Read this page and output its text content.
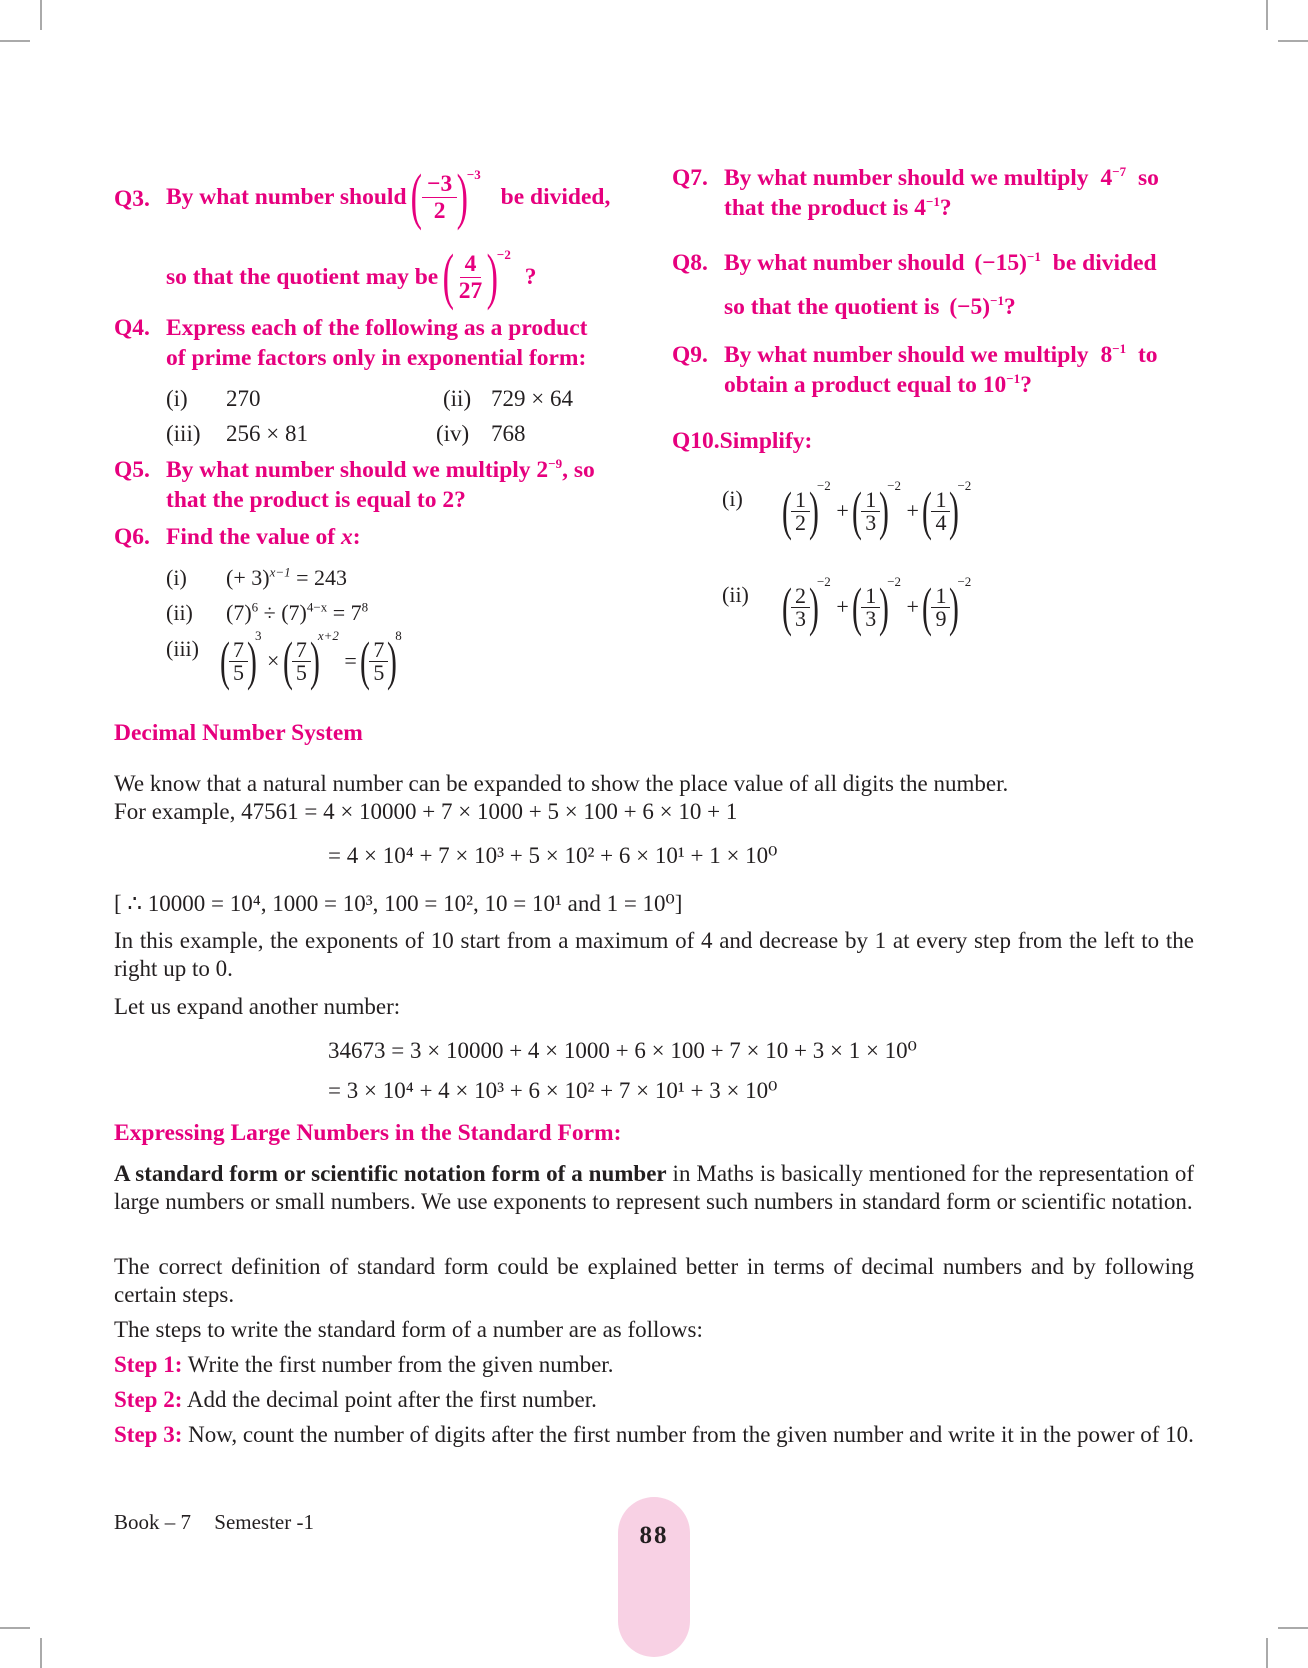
Q3. By what number should ( $\frac{-3}{2} )-3$ be divided,
so that the quotient may be ( $\frac{4}{27} )-2$ ?
Q4. Express each of the following as a product
of prime factors only in exponential form:
(i) 270	(ii) 729 × 64
(iii) 256 × 81	(iv) 768
Q5. By what number should we multiply $2^{-9}$, so
that the product is equal to 2?
Q6. Find the value of x:
(i) (+ 3)$^{x-1}$ = 243
(ii) $(7)^6 \div (7)^{4-x} = 7^8$
(iii) ( $\frac{7}{5} )3$ × ( $\frac{7}{5} )x+2$ = ( $\frac{7}{5} )8$
Q7. By what number should we multiply $4^{-7}$ so
that the product is $4^{-1}$?
Q8. By what number should $(-15)^{-1}$ be divided
so that the quotient is $(-5)^{-1}$?
Q9. By what number should we multiply $8^{-1}$ to
obtain a product equal to $10^{-1}$?
Q10.Simplify:
(i) ( $\frac{1}{2} )-2$ + ( $\frac{1}{3} )-2$ + ( $\frac{1}{4} )-2$
(ii) ( $\frac{2}{3} )-2$ + ( $\frac{1}{3} )-2$ + ( $\frac{1}{9} )-2$
Decimal Number System
We know that a natural number can be expanded to show the place value of all digits the number.
For example, 47561 = 4 × 10000 + 7 × 1000 + 5 × 100 + 6 × 10 + 1
= 4 × 10⁴ + 7 × 10³ + 5 × 10² + 6 × 10¹ + 1 × 10⁰
[ ∴ 10000 = 10⁴, 1000 = 10³, 100 = 10², 10 = 10¹ and 1 = 10⁰]
In this example, the exponents of 10 start from a maximum of 4 and decrease by 1 at every step from the left to the right up to 0.
Let us expand another number:
34673 = 3 × 10000 + 4 × 1000 + 6 × 100 + 7 × 10 + 3 × 1 × 10⁰
= 3 × 10⁴ + 4 × 10³ + 6 × 10² + 7 × 10¹ + 3 × 10⁰
Expressing Large Numbers in the Standard Form:
A standard form or scientific notation form of a number in Maths is basically mentioned for the representation of large numbers or small numbers. We use exponents to represent such numbers in standard form or scientific notation.
The correct definition of standard form could be explained better in terms of decimal numbers and by following certain steps.
The steps to write the standard form of a number are as follows:
Step 1: Write the first number from the given number.
Step 2: Add the decimal point after the first number.
Step 3: Now, count the number of digits after the first number from the given number and write it in the power of 10.
Book – 7 Semester -1	88
